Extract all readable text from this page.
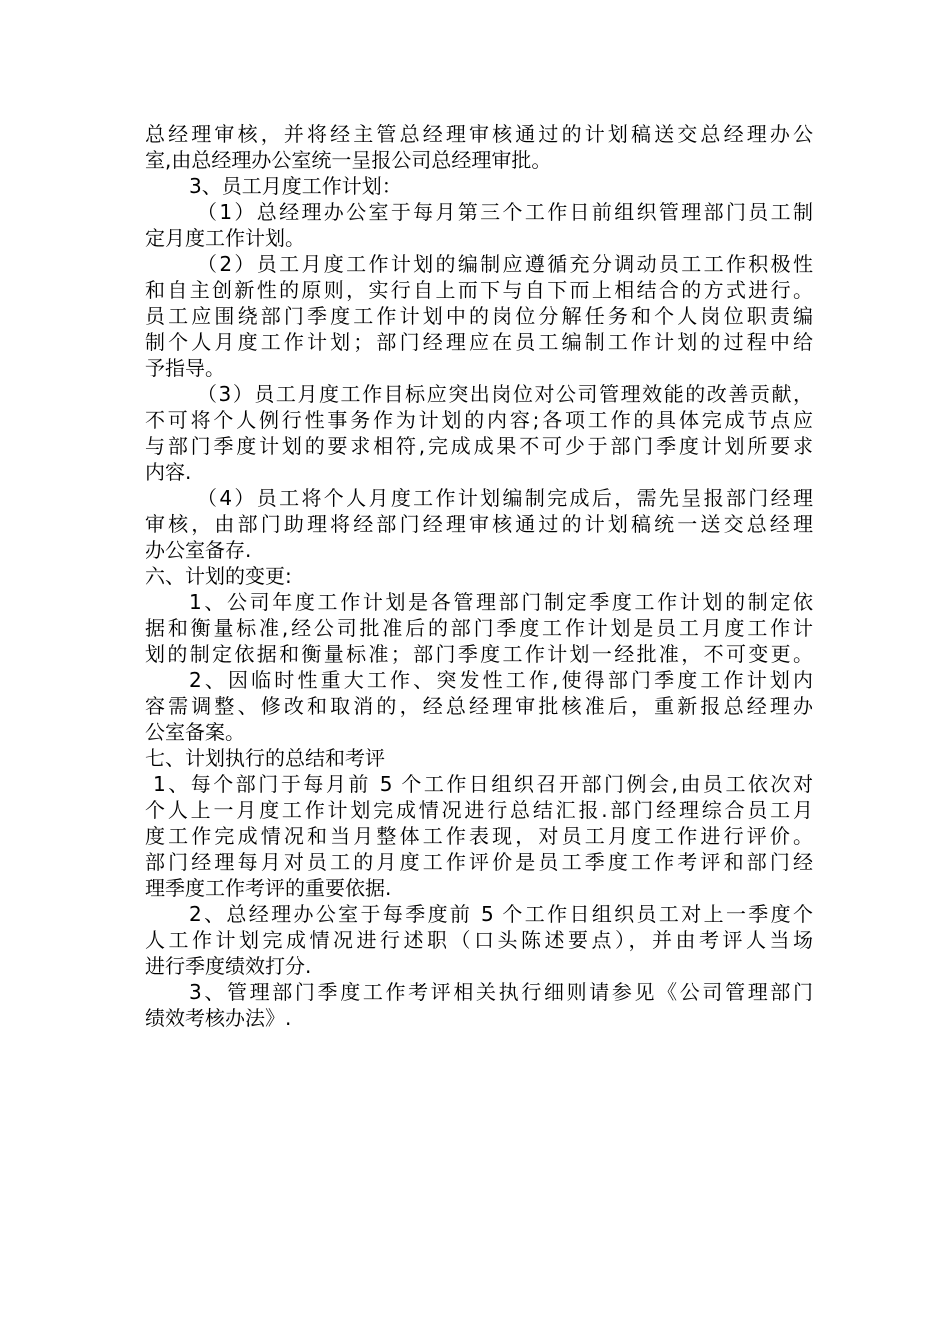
总经理审核，并将经主管总经理审核通过的计划稿送交总经理办公
室,由总经理办公室统一呈报公司总经理审批。
3、员工月度工作计划：
（1）总经理办公室于每月第三个工作日前组织管理部门员工制
定月度工作计划。
（2）员工月度工作计划的编制应遵循充分调动员工工作积极性
和自主创新性的原则，实行自上而下与自下而上相结合的方式进行。
员工应围绕部门季度工作计划中的岗位分解任务和个人岗位职责编
制个人月度工作计划；部门经理应在员工编制工作计划的过程中给
予指导。
（3）员工月度工作目标应突出岗位对公司管理效能的改善贡献，
不可将个人例行性事务作为计划的内容;各项工作的具体完成节点应
与部门季度计划的要求相符,完成成果不可少于部门季度计划所要求
内容.
（4）员工将个人月度工作计划编制完成后，需先呈报部门经理
审核，由部门助理将经部门经理审核通过的计划稿统一送交总经理
办公室备存.
六、计划的变更:
1、公司年度工作计划是各管理部门制定季度工作计划的制定依
据和衡量标准,经公司批准后的部门季度工作计划是员工月度工作计
划的制定依据和衡量标准；部门季度工作计划一经批准，不可变更。
2、因临时性重大工作、突发性工作,使得部门季度工作计划内
容需调整、修改和取消的，经总经理审批核准后，重新报总经理办
公室备案。
七、计划执行的总结和考评
1、每个部门于每月前 5 个工作日组织召开部门例会,由员工依次对
个人上一月度工作计划完成情况进行总结汇报.部门经理综合员工月
度工作完成情况和当月整体工作表现，对员工月度工作进行评价。
部门经理每月对员工的月度工作评价是员工季度工作考评和部门经
理季度工作考评的重要依据.
2、总经理办公室于每季度前 5 个工作日组织员工对上一季度个
人工作计划完成情况进行述职（口头陈述要点），并由考评人当场
进行季度绩效打分.
3、管理部门季度工作考评相关执行细则请参见《公司管理部门
绩效考核办法》.
